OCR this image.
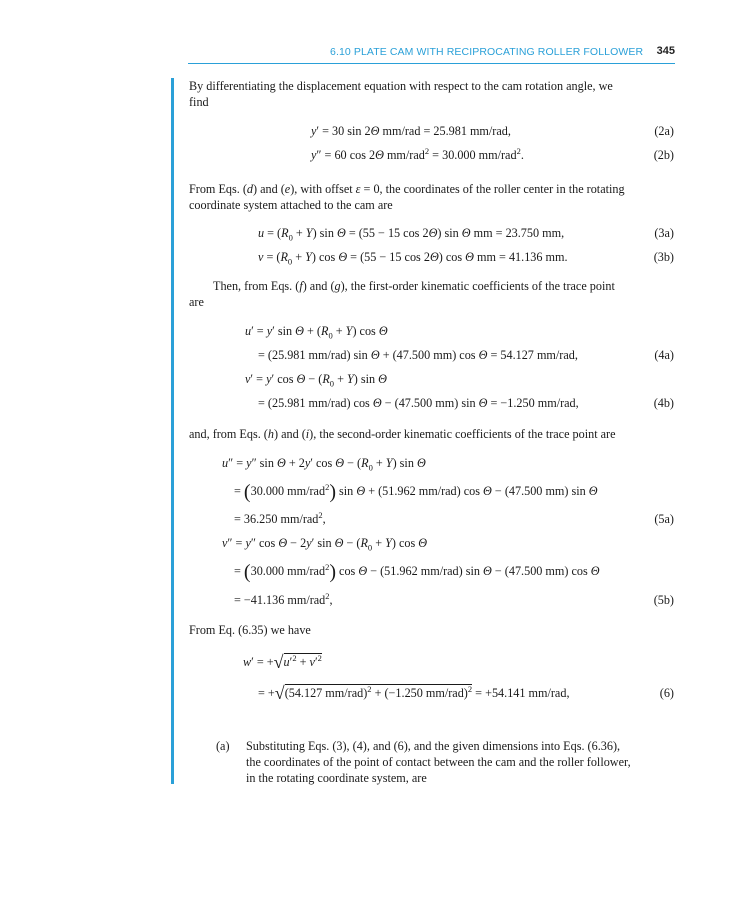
6.10 PLATE CAM WITH RECIPROCATING ROLLER FOLLOWER 345
By differentiating the displacement equation with respect to the cam rotation angle, we
find
y′ = 30 sin 2Θ mm/rad = 25.981 mm/rad,	(2a)
y″ = 60 cos 2Θ mm/rad$^2$ = 30.000 mm/rad$^2$.	(2b)
From Eqs. (d) and (e), with offset ε = 0, the coordinates of the roller center in the rotating
coordinate system attached to the cam are
$u = (R_0 + Y)$ sin Θ = (55 − 15 cos 2Θ) sin Θ mm = 23.750 mm,	(3a)
$v = (R_0 + Y)$ cos Θ = (55 − 15 cos 2Θ) cos Θ mm = 41.136 mm.	(3b)
Then, from Eqs. (f) and (g), the first-order kinematic coefficients of the trace point
are
u′ = y′ $\sin \Theta + (R_0 + Y)$ cos Θ
= (25.981 mm/rad) sin Θ + (47.500 mm) cos Θ = 54.127 mm/rad,	(4a)
v′ = y′ $\cos \Theta - (R_0 + Y)$ sin Θ
= (25.981 mm/rad) cos Θ − (47.500 mm) sin Θ = −1.250 mm/rad,	(4b)
and, from Eqs. (h) and (i), the second-order kinematic coefficients of the trace point are
u″ = y″ sin Θ + 2y′ $\cos \Theta - (R_0 + Y)$ sin Θ
= (30.000 mm/rad$^2$) sin Θ + (51.962 mm/rad) cos Θ − (47.500 mm) sin Θ
= 36.250 mm/rad$^2$,	(5a)
v″ = y″ cos Θ − 2y′ $\sin \Theta - (R_0 + Y)$ cos Θ
= (30.000 mm/rad$^2$) cos Θ − (51.962 mm/rad) sin Θ − (47.500 mm) cos Θ
= −41.136 mm/rad$^2$,	(5b)
From Eq. (6.35) we have
$w' = +√u'^2 + v'^2$
= +√(54.127 mm/rad)$^2$ + (−1.250 mm/rad)$^2$ = +54.141 mm/rad,	(6)
(a) Substituting Eqs. (3), (4), and (6), and the given dimensions into Eqs. (6.36),
the coordinates of the point of contact between the cam and the roller follower,
in the rotating coordinate system, are
